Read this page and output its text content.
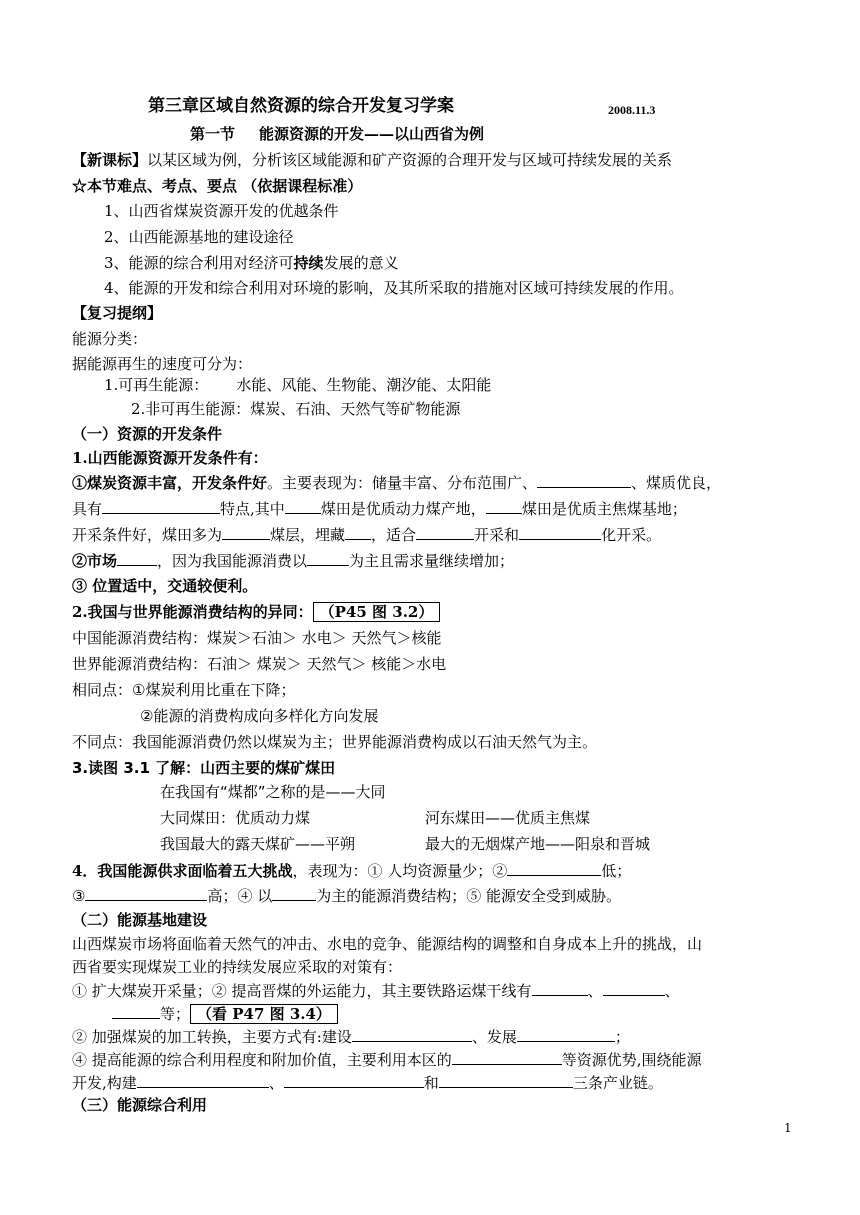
第三章区域自然资源的综合开发复习学案	2008.11.3
第一节 能源资源的开发——以山西省为例
【新课标】以某区域为例，分析该区域能源和矿产资源的合理开发与区域可持续发展的关系
☆本节难点、考点、要点 （依据课程标准）
1、山西省煤炭资源开发的优越条件
2、山西能源基地的建设途径
3、能源的综合利用对经济可持续发展的意义
4、能源的开发和综合利用对环境的影响，及其所采取的措施对区域可持续发展的作用。
【复习提纲】
能源分类：
据能源再生的速度可分为：
1.可再生能源： 水能、风能、生物能、潮汐能、太阳能
2.非可再生能源：煤炭、石油、天然气等矿物能源
（一）资源的开发条件
1.山西能源资源开发条件有：
①煤炭资源丰富，开发条件好。主要表现为：储量丰富、分布范围广、	、煤质优良，
具有	特点,其中 煤田是优质动力煤产地， 煤田是优质主焦煤基地；
开采条件好，煤田多为	煤层，埋藏 ，适合	开采和	化开采。
②市场	，因为我国能源消费以	为主且需求量继续增加；
③ 位置适中，交通较便利。
2.我国与世界能源消费结构的异同： （P45 图 3.2）
中国能源消费结构：煤炭＞石油＞ 水电＞ 天然气＞核能
世界能源消费结构：石油＞ 煤炭＞ 天然气＞ 核能＞水电
相同点：①煤炭利用比重在下降；
②能源的消费构成向多样化方向发展
不同点：我国能源消费仍然以煤炭为主；世界能源消费构成以石油天然气为主。
3.读图 3.1 了解：山西主要的煤矿煤田
在我国有“煤都”之称的是——大同
大同煤田：优质动力煤	河东煤田——优质主焦煤
我国最大的露天煤矿——平朔	最大的无烟煤产地——阳泉和晋城
4．我国能源供求面临着五大挑战，表现为：① 人均资源量少；②	低；
③	高；④ 以	为主的能源消费结构；⑤ 能源安全受到威胁。
（二）能源基地建设
山西煤炭市场将面临着天然气的冲击、水电的竞争、能源结构的调整和自身成本上升的挑战，山
西省要实现煤炭工业的持续发展应采取的对策有：
① 扩大煤炭开采量；② 提高晋煤的外运能力，其主要铁路运煤干线有	、	、
等； （看 P47 图 3.4）
② 加强煤炭的加工转换，主要方式有:建设	、发展	；
④ 提高能源的综合利用程度和附加价值，主要利用本区的	等资源优势,围绕能源
开发,构建	、	和	三条产业链。
（三）能源综合利用
1
